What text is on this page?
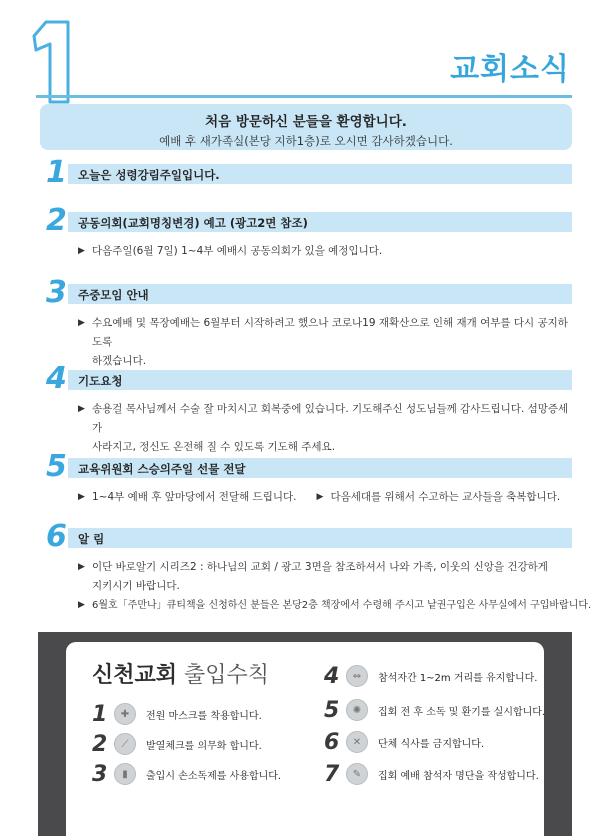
교회소식
처음 방문하신 분들을 환영합니다.
예배 후 새가족실(본당 지하1층)로 오시면 감사하겠습니다.
1 오늘은 성령강림주일입니다.
2 공동의회(교회명칭변경) 예고 (광고2면 참조)
▶ 다음주일(6월 7일) 1~4부 예배시 공동의회가 있을 예정입니다.
3 주중모임 안내
▶ 수요예배 및 목장예배는 6월부터 시작하려고 했으나 코로나19 재확산으로 인해 재개 여부를 다시 공지하도록
하겠습니다.
4 기도요청
▶ 송용걸 목사님께서 수술 잘 마치시고 회복중에 있습니다. 기도해주신 성도님들께 감사드립니다. 섬망증세가
사라지고, 정신도 온전해 질 수 있도록 기도해 주세요.
5 교육위원회 스승의주일 선물 전달
▶ 1~4부 예배 후 앞마당에서 전달해 드립니다. ▶ 다음세대를 위해서 수고하는 교사들을 축복합니다.
6 알 림
▶ 이단 바로알기 시리즈2 : 하나님의 교회 / 광고 3면을 참조하셔서 나와 가족, 이웃의 신앙을 건강하게
지키시기 바랍니다.
▶ 6월호「주만나」큐티책을 신청하신 분들은 본당2층 책장에서 수령해 주시고 낱권구입은 사무실에서 구입바랍니다.
신천교회 출입수칙
1	✚	전원 마스크를 착용합니다.
2	⟋	발열체크를 의무화 합니다.
3	▮	출입시 손소독제를 사용합니다.
4	⇔	참석자간 1~2m 거리를 유지합니다.
5	✺	집회 전 후 소독 및 환기를 실시합니다.
6	✕	단체 식사를 금지합니다.
7	✎	집회 예배 참석자 명단을 작성합니다.
